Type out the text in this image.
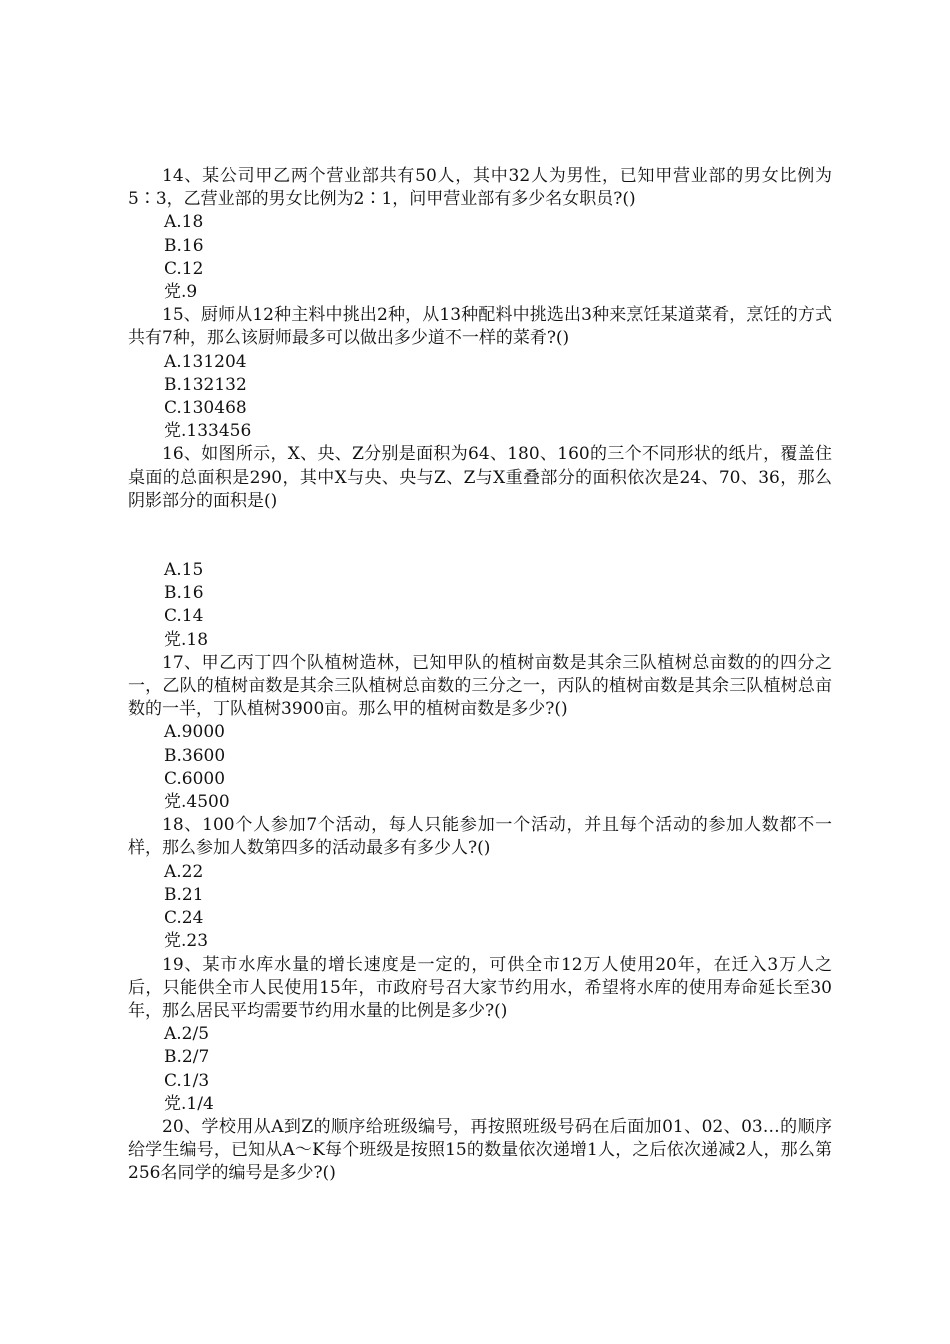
14、某公司甲乙两个营业部共有50人，其中32人为男性，已知甲营业部的男女比例为5∶3，乙营业部的男女比例为2∶1，问甲营业部有多少名女职员?()

A.18

B.16

C.12

党.9

15、厨师从12种主料中挑出2种，从13种配料中挑选出3种来烹饪某道菜肴，烹饪的方式共有7种，那么该厨师最多可以做出多少道不一样的菜肴?()

A.131204

B.132132

C.130468

党.133456

16、如图所示，X、央、Z分别是面积为64、180、160的三个不同形状的纸片，覆盖住桌面的总面积是290，其中X与央、央与Z、Z与X重叠部分的面积依次是24、70、36，那么阴影部分的面积是()

A.15

B.16

C.14

党.18

17、甲乙丙丁四个队植树造林，已知甲队的植树亩数是其余三队植树总亩数的的四分之一，乙队的植树亩数是其余三队植树总亩数的三分之一，丙队的植树亩数是其余三队植树总亩数的一半，丁队植树3900亩。那么甲的植树亩数是多少?()

A.9000

B.3600

C.6000

党.4500

18、100个人参加7个活动，每人只能参加一个活动，并且每个活动的参加人数都不一样，那么参加人数第四多的活动最多有多少人?()

A.22

B.21

C.24

党.23

19、某市水库水量的增长速度是一定的，可供全市12万人使用20年，在迁入3万人之后，只能供全市人民使用15年，市政府号召大家节约用水，希望将水库的使用寿命延长至30年，那么居民平均需要节约用水量的比例是多少?()

A.2/5

B.2/7

C.1/3

党.1/4

20、学校用从A到Z的顺序给班级编号，再按照班级号码在后面加01、02、03…的顺序给学生编号，已知从A～K每个班级是按照15的数量依次递增1人，之后依次递减2人，那么第256名同学的编号是多少?()
